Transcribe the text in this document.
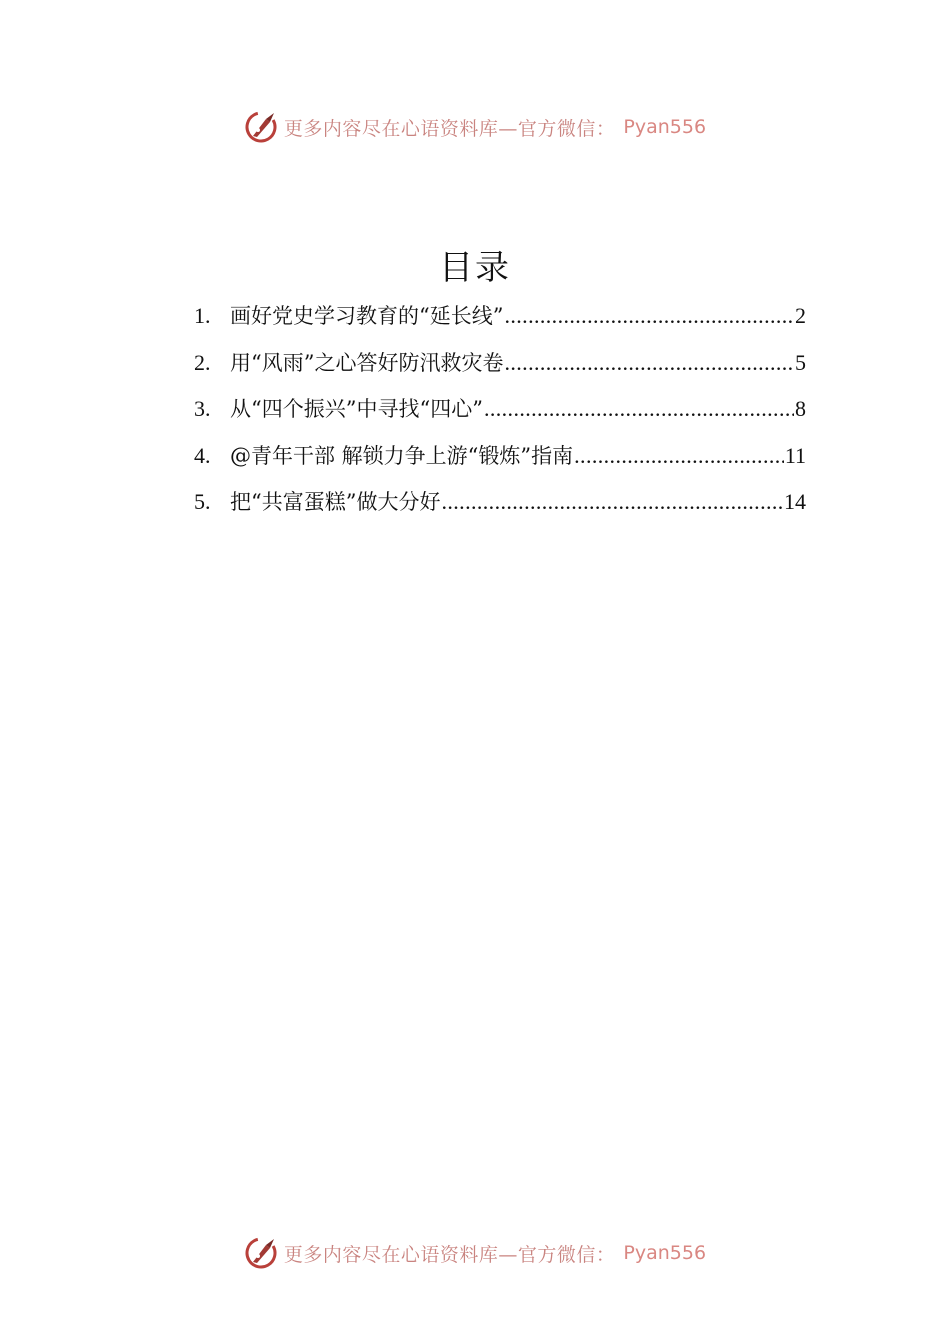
更多内容尽在心语资料库—官方微信： Pyan556
目录
1. 画好党史学习教育的“延长线” .....	2
2. 用“风雨”之心答好防汛救灾卷 .....	5
3. 从“四个振兴”中寻找“四心” .....	8
4. @青年干部 解锁力争上游“锻炼”指南 .....	11
5. 把“共富蛋糕”做大分好 .....	14
更多内容尽在心语资料库—官方微信： Pyan556
